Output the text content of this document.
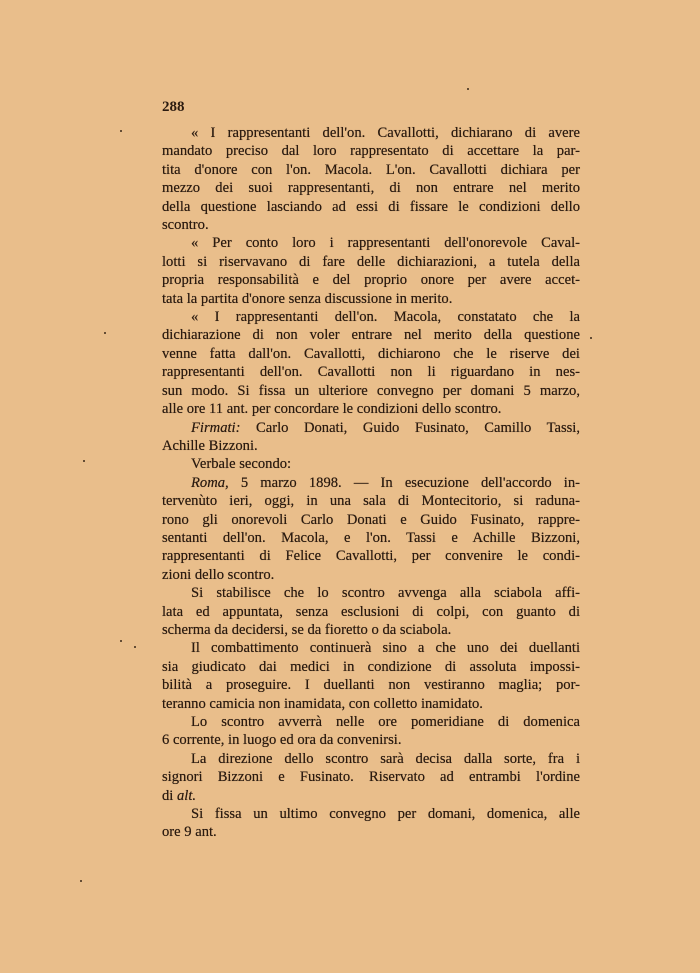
288
« I rappresentanti dell'on. Cavallotti, dichiarano di avere
mandato preciso dal loro rappresentato di accettare la par-
tita d'onore con l'on. Macola. L'on. Cavallotti dichiara per
mezzo dei suoi rappresentanti, di non entrare nel merito
della questione lasciando ad essi di fissare le condizioni dello
scontro.
« Per conto loro i rappresentanti dell'onorevole Caval-
lotti si riservavano di fare delle dichiarazioni, a tutela della
propria responsabilità e del proprio onore per avere accet-
tata la partita d'onore senza discussione in merito.
« I rappresentanti dell'on. Macola, constatato che la
dichiarazione di non voler entrare nel merito della questione
venne fatta dall'on. Cavallotti, dichiarono che le riserve dei
rappresentanti dell'on. Cavallotti non li riguardano in nes-
sun modo. Si fissa un ulteriore convegno per domani 5 marzo,
alle ore 11 ant. per concordare le condizioni dello scontro.
Firmati: Carlo Donati, Guido Fusinato, Camillo Tassi,
Achille Bizzoni.
Verbale secondo:
Roma, 5 marzo 1898. — In esecuzione dell'accordo in-
tervenùto ieri, oggi, in una sala di Montecitorio, si raduna-
rono gli onorevoli Carlo Donati e Guido Fusinato, rappre-
sentanti dell'on. Macola, e l'on. Tassi e Achille Bizzoni,
rappresentanti di Felice Cavallotti, per convenire le condi-
zioni dello scontro.
Si stabilisce che lo scontro avvenga alla sciabola affi-
lata ed appuntata, senza esclusioni di colpi, con guanto di
scherma da decidersi, se da fioretto o da sciabola.
Il combattimento continuerà sino a che uno dei duellanti
sia giudicato dai medici in condizione di assoluta impossi-
bilità a proseguire. I duellanti non vestiranno maglia; por-
teranno camicia non inamidata, con colletto inamidato.
Lo scontro avverrà nelle ore pomeridiane di domenica
6 corrente, in luogo ed ora da convenirsi.
La direzione dello scontro sarà decisa dalla sorte, fra i
signori Bizzoni e Fusinato. Riservato ad entrambi l'ordine
di alt.
Si fissa un ultimo convegno per domani, domenica, alle
ore 9 ant.
